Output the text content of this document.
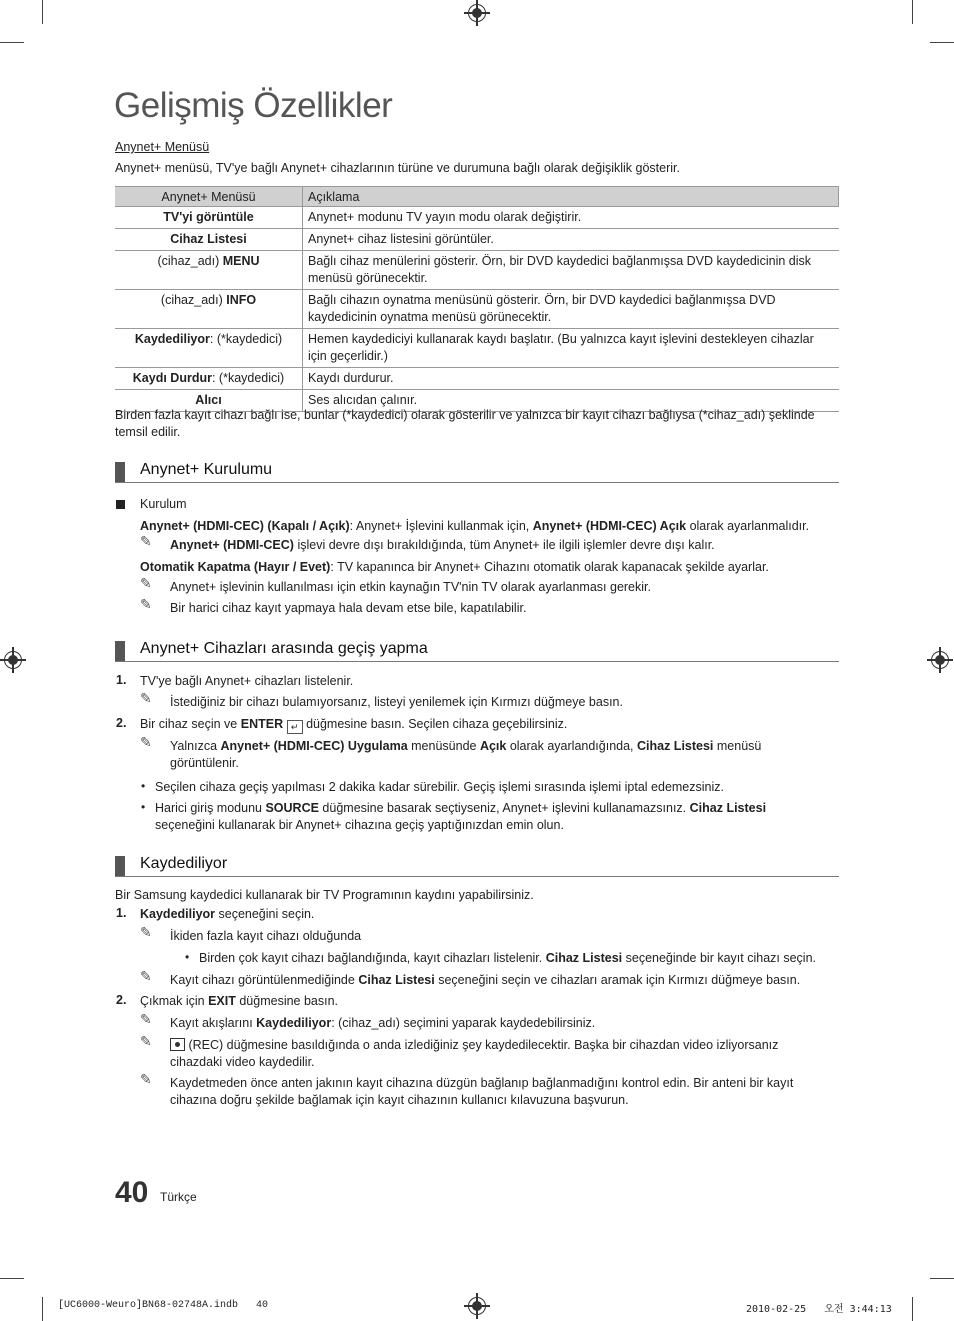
Gelişmiş Özellikler
Anynet+ Menüsü
Anynet+ menüsü, TV'ye bağlı Anynet+ cihazlarının türüne ve durumuna bağlı olarak değişiklik gösterir.
Anynet+ Menüsü	Açıklama
TV'yi görüntüle	Anynet+ modunu TV yayın modu olarak değiştirir.
Cihaz Listesi	Anynet+ cihaz listesini görüntüler.
(cihaz_adı) MENU	Bağlı cihaz menülerini gösterir. Örn, bir DVD kaydedici bağlanmışsa DVD kaydedicinin disk menüsü görünecektir.
(cihaz_adı) INFO	Bağlı cihazın oynatma menüsünü gösterir. Örn, bir DVD kaydedici bağlanmışsa DVD kaydedicinin oynatma menüsü görünecektir.
Kaydediliyor: (*kaydedici)	Hemen kaydediciyi kullanarak kaydı başlatır. (Bu yalnızca kayıt işlevini destekleyen cihazlar için geçerlidir.)
Kaydı Durdur: (*kaydedici)	Kaydı durdurur.
Alıcı	Ses alıcıdan çalınır.
Birden fazla kayıt cihazı bağlı ise, bunlar (*kaydedici) olarak gösterilir ve yalnızca bir kayıt cihazı bağlıysa (*cihaz_adı) şeklinde temsil edilir.
Anynet+ Kurulumu
Kurulum
Anynet+ (HDMI-CEC) (Kapalı / Açık): Anynet+ İşlevini kullanmak için, Anynet+ (HDMI-CEC) Açık olarak ayarlanmalıdır.
✎ Anynet+ (HDMI-CEC) işlevi devre dışı bırakıldığında, tüm Anynet+ ile ilgili işlemler devre dışı kalır.
Otomatik Kapatma (Hayır / Evet): TV kapanınca bir Anynet+ Cihazını otomatik olarak kapanacak şekilde ayarlar.
✎ Anynet+ işlevinin kullanılması için etkin kaynağın TV'nin TV olarak ayarlanması gerekir.
✎ Bir harici cihaz kayıt yapmaya hala devam etse bile, kapatılabilir.
Anynet+ Cihazları arasında geçiş yapma
1. TV'ye bağlı Anynet+ cihazları listelenir.
✎ İstediğiniz bir cihazı bulamıyorsanız, listeyi yenilemek için Kırmızı düğmeye basın.
2. Bir cihaz seçin ve ENTER ↵ düğmesine basın. Seçilen cihaza geçebilirsiniz.
✎ Yalnızca Anynet+ (HDMI-CEC) Uygulama menüsünde Açık olarak ayarlandığında, Cihaz Listesi menüsü
görüntülenir.
• Seçilen cihaza geçiş yapılması 2 dakika kadar sürebilir. Geçiş işlemi sırasında işlemi iptal edemezsiniz.
• Harici giriş modunu SOURCE düğmesine basarak seçtiyseniz, Anynet+ işlevini kullanamazsınız. Cihaz Listesi
seçeneğini kullanarak bir Anynet+ cihazına geçiş yaptığınızdan emin olun.
Kaydediliyor
Bir Samsung kaydedici kullanarak bir TV Programının kaydını yapabilirsiniz.
1. Kaydediliyor seçeneğini seçin.
✎ İkiden fazla kayıt cihazı olduğunda
• Birden çok kayıt cihazı bağlandığında, kayıt cihazları listelenir. Cihaz Listesi seçeneğinde bir kayıt cihazı seçin.
✎ Kayıt cihazı görüntülenmediğinde Cihaz Listesi seçeneğini seçin ve cihazları aramak için Kırmızı düğmeye basın.
2. Çıkmak için EXIT düğmesine basın.
✎ Kayıt akışlarını Kaydediliyor: (cihaz_adı) seçimini yaparak kaydedebilirsiniz.
✎	(REC) düğmesine basıldığında o anda izlediğiniz şey kaydedilecektir. Başka bir cihazdan video izliyorsanız
cihazdaki video kaydedilir.
✎ Kaydetmeden önce anten jakının kayıt cihazına düzgün bağlanıp bağlanmadığını kontrol edin. Bir anteni bir kayıt
cihazına doğru şekilde bağlamak için kayıt cihazının kullanıcı kılavuzuna başvurun.
40 Türkçe
[UC6000-Weuro]BN68-02748A.indb   40	2010-02-25   오전 3:44:13
